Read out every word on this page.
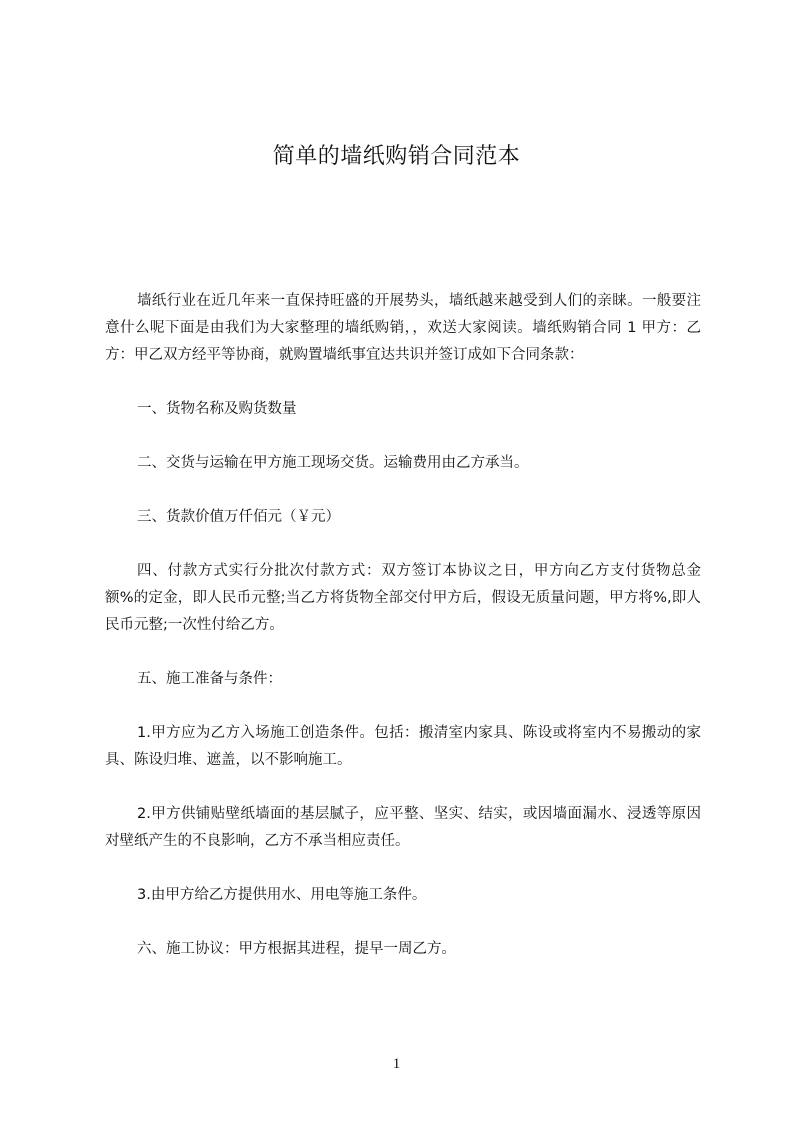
简单的墙纸购销合同范本

墙纸行业在近几年来一直保持旺盛的开展势头，墙纸越来越受到人们的亲睐。一般要注意什么呢下面是由我们为大家整理的墙纸购销，，欢送大家阅读。墙纸购销合同 1 甲方：乙方：甲乙双方经平等协商，就购置墙纸事宜达共识并签订成如下合同条款：

一、货物名称及购货数量

二、交货与运输在甲方施工现场交货。运输费用由乙方承当。

三、货款价值万仟佰元（￥元）

四、付款方式实行分批次付款方式：双方签订本协议之日，甲方向乙方支付货物总金额%的定金，即人民币元整;当乙方将货物全部交付甲方后，假设无质量问题，甲方将%,即人民币元整;一次性付给乙方。

五、施工准备与条件：

1.甲方应为乙方入场施工创造条件。包括：搬清室内家具、陈设或将室内不易搬动的家具、陈设归堆、遮盖，以不影响施工。

2.甲方供铺贴壁纸墙面的基层腻子，应平整、坚实、结实，或因墙面漏水、浸透等原因对壁纸产生的不良影响，乙方不承当相应责任。

3.由甲方给乙方提供用水、用电等施工条件。

六、施工协议：甲方根据其进程，提早一周乙方。

1
